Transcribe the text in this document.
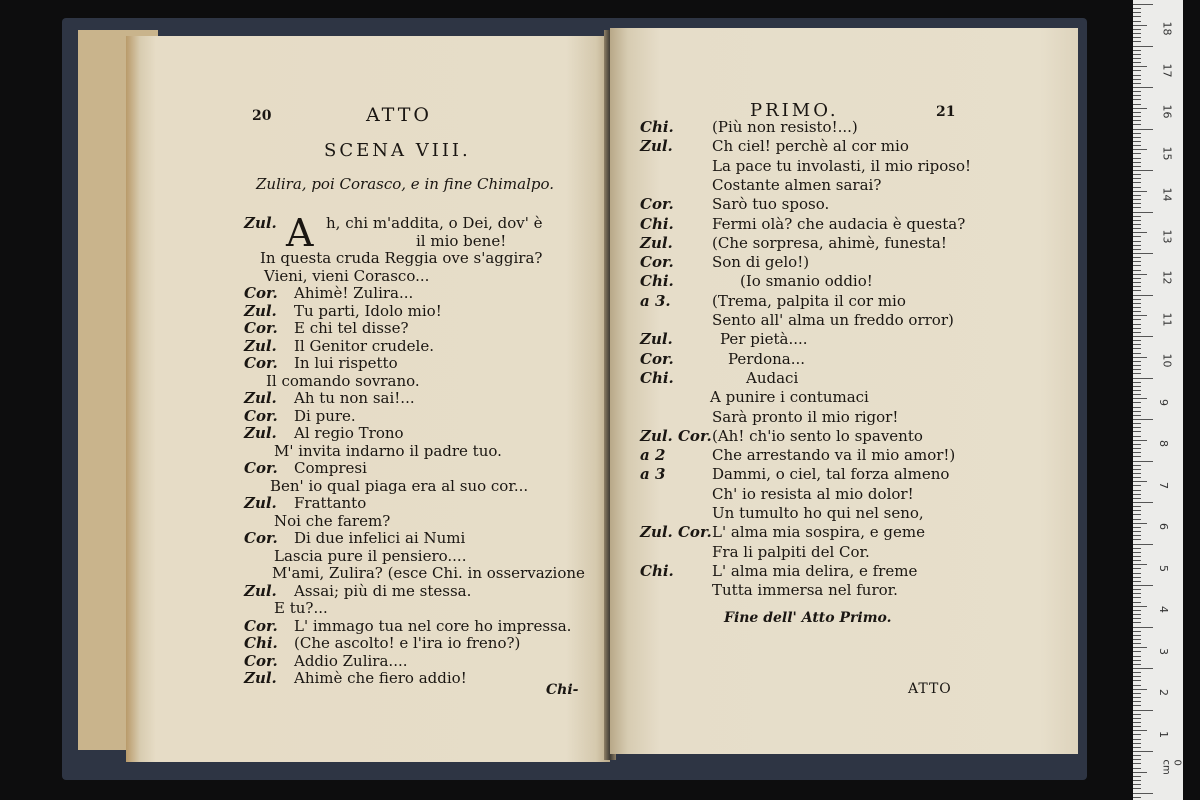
20	ATTO
SCENA VIII.
Zulira, poi Corasco, e in fine Chimalpo.
A
Zul.	h, chi m'addita, o Dei, dov' è
il mio bene!
In questa cruda Reggia ove s'aggira?
Vieni, vieni Corasco...
Cor. Ahimè! Zulira...
Zul. Tu parti, Idolo mio!
Cor. E chi tel disse?
Zul. Il Genitor crudele.
Cor. In lui rispetto
Il comando sovrano.
Zul. Ah tu non sai!...
Cor. Di pure.
Zul. Al regio Trono
M' invita indarno il padre tuo.
Cor. Compresi
Ben' io qual piaga era al suo cor...
Zul. Frattanto
Noi che farem?
Cor. Di due infelici ai Numi
Lascia pure il pensiero....
M'ami, Zulira? (esce Chi. in osservazione
Zul. Assai; più di me stessa.
E tu?...
Cor. L' immago tua nel core ho impressa.
Chi. (Che ascolto! e l'ira io freno?)
Cor. Addio Zulira....
Zul. Ahimè che fiero addio!
Chi-
PRIMO.	21
Chi.	(Più non resisto!...)
Zul.	Ch ciel! perchè al cor mio
La pace tu involasti, il mio riposo!
Costante almen sarai?
Cor.	Sarò tuo sposo.
Chi.	Fermi olà? che audacia è questa?
Zul.	(Che sorpresa, ahimè, funesta!
Cor.	Son di gelo!)
Chi.	(Io smanio oddio!
a 3.	(Trema, palpita il cor mio
Sento all' alma un freddo orror)
Zul.	Per pietà....
Cor.	Perdona...
Chi.	Audaci
A punire i contumaci
Sarà pronto il mio rigor!
Zul. Cor. (Ah! ch'io sento lo spavento
a 2	Che arrestando va il mio amor!)
a 3	Dammi, o ciel, tal forza almeno
Ch' io resista al mio dolor!
Un tumulto ho qui nel seno,
Zul. Cor. L' alma mia sospira, e geme
Fra li palpiti del Cor.
Chi.	L' alma mia delira, e freme
Tutta immersa nel furor.
Fine dell' Atto Primo.
ATTO
18
17
16
15
14
13
12
11
10
9
8
7
6
5
4
3
2
1
0 cm
